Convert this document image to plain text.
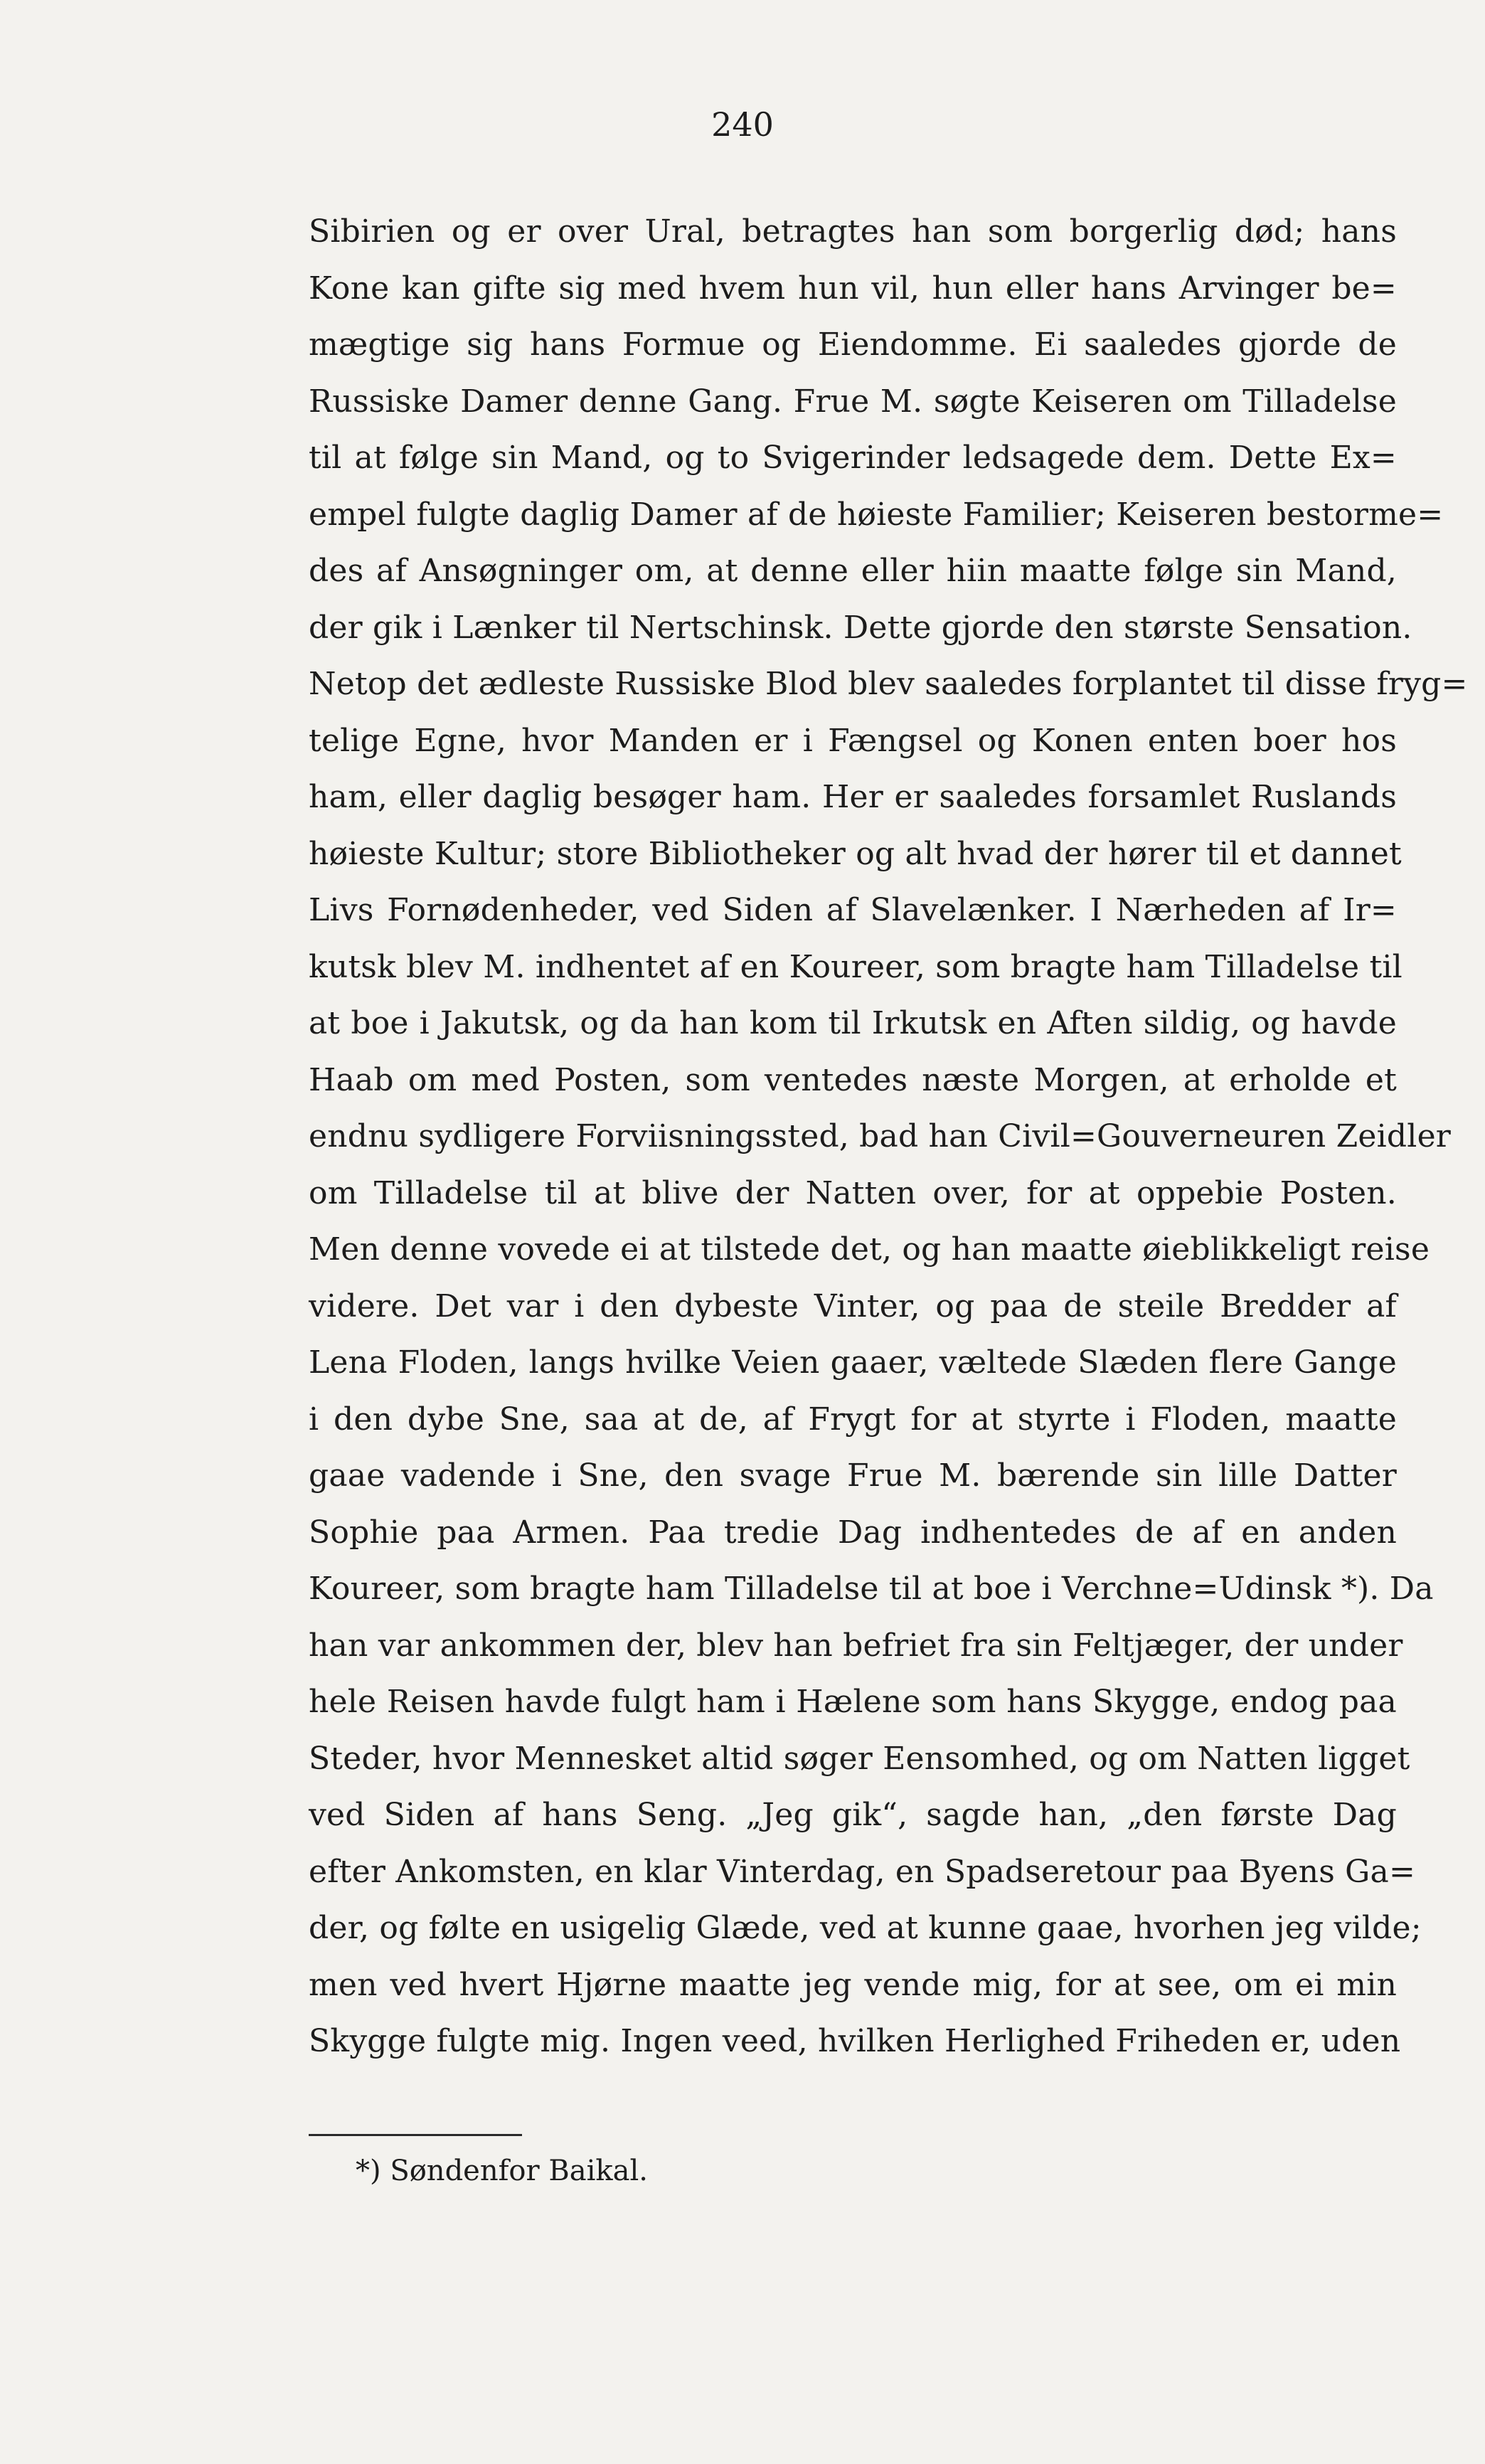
240
Sibirien og er over Ural, betragtes han som borgerlig død; hans
Kone kan gifte sig med hvem hun vil, hun eller hans Arvinger be=
mægtige sig hans Formue og Eiendomme. Ei saaledes gjorde de
Russiske Damer denne Gang. Frue M. søgte Keiseren om Tilladelse
til at følge sin Mand, og to Svigerinder ledsagede dem. Dette Ex=
empel fulgte daglig Damer af de høieste Familier; Keiseren bestorme=
des af Ansøgninger om, at denne eller hiin maatte følge sin Mand,
der gik i Lænker til Nertschinsk. Dette gjorde den største Sensation.
Netop det ædleste Russiske Blod blev saaledes forplantet til disse fryg=
telige Egne, hvor Manden er i Fængsel og Konen enten boer hos
ham, eller daglig besøger ham. Her er saaledes forsamlet Ruslands
høieste Kultur; store Bibliotheker og alt hvad der hører til et dannet
Livs Fornødenheder, ved Siden af Slavelænker. I Nærheden af Ir=
kutsk blev M. indhentet af en Koureer, som bragte ham Tilladelse til
at boe i Jakutsk, og da han kom til Irkutsk en Aften sildig, og havde
Haab om med Posten, som ventedes næste Morgen, at erholde et
endnu sydligere Forviisningssted, bad han Civil=Gouverneuren Zeidler
om Tilladelse til at blive der Natten over, for at oppebie Posten.
Men denne vovede ei at tilstede det, og han maatte øieblikkeligt reise
videre. Det var i den dybeste Vinter, og paa de steile Bredder af
Lena Floden, langs hvilke Veien gaaer, væltede Slæden flere Gange
i den dybe Sne, saa at de, af Frygt for at styrte i Floden, maatte
gaae vadende i Sne, den svage Frue M. bærende sin lille Datter
Sophie paa Armen. Paa tredie Dag indhentedes de af en anden
Koureer, som bragte ham Tilladelse til at boe i Verchne=Udinsk *). Da
han var ankommen der, blev han befriet fra sin Feltjæger, der under
hele Reisen havde fulgt ham i Hælene som hans Skygge, endog paa
Steder, hvor Mennesket altid søger Eensomhed, og om Natten ligget
ved Siden af hans Seng. „Jeg gik“, sagde han, „den første Dag
efter Ankomsten, en klar Vinterdag, en Spadseretour paa Byens Ga=
der, og følte en usigelig Glæde, ved at kunne gaae, hvorhen jeg vilde;
men ved hvert Hjørne maatte jeg vende mig, for at see, om ei min
Skygge fulgte mig. Ingen veed, hvilken Herlighed Friheden er, uden
*) Søndenfor Baikal.
